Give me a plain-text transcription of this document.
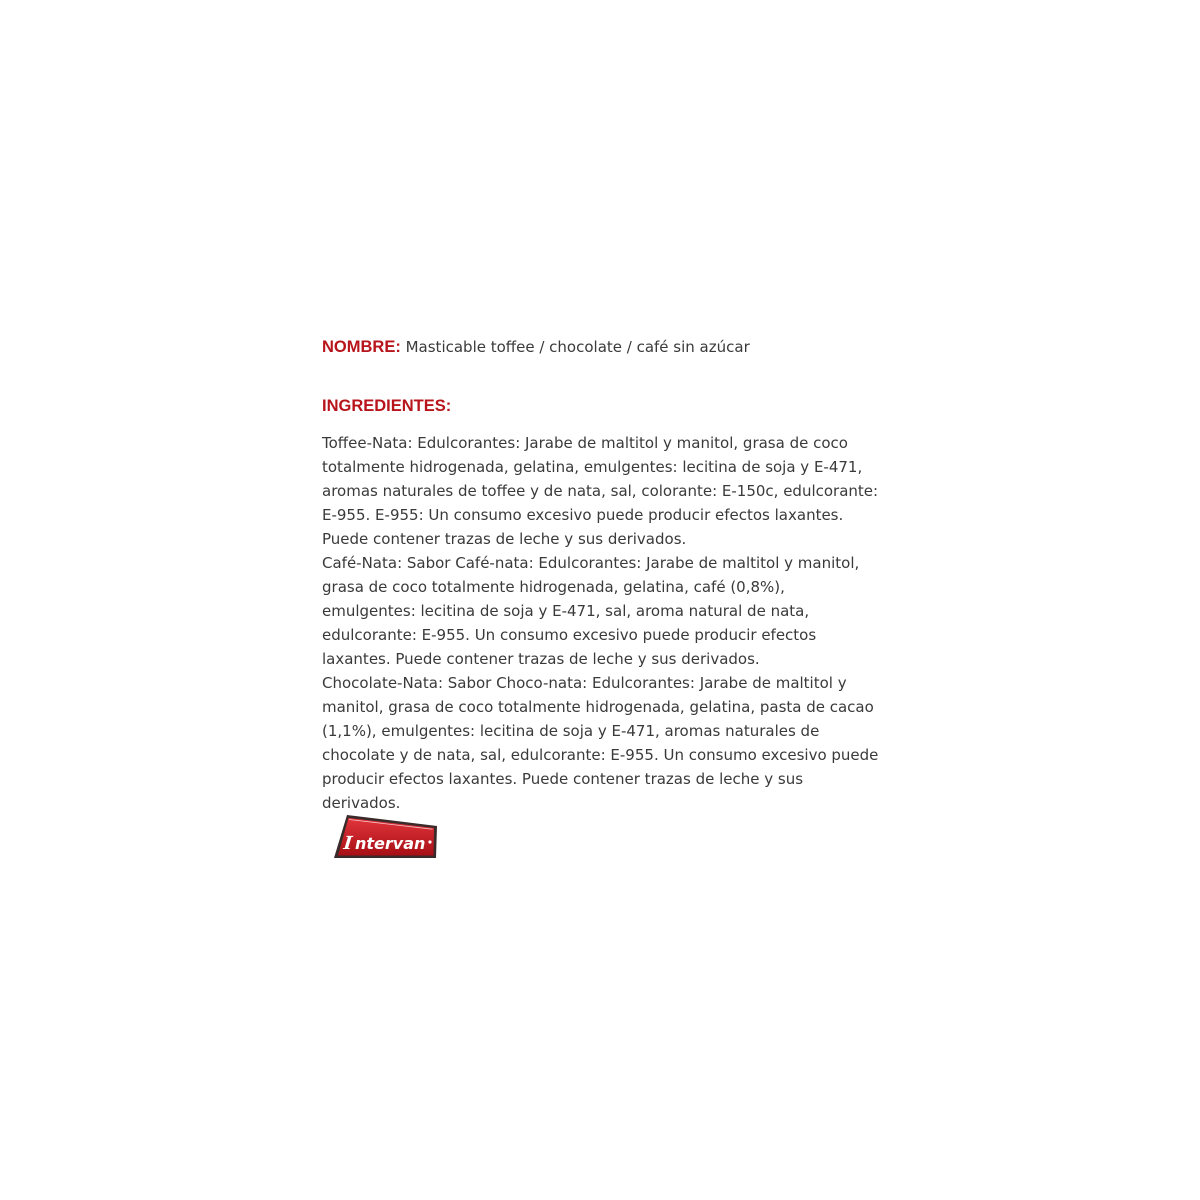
NOMBRE: Masticable toffee / chocolate / café sin azúcar
INGREDIENTES:

Toffee-Nata: Edulcorantes: Jarabe de maltitol y manitol, grasa de coco totalmente hidrogenada, gelatina, emulgentes: lecitina de soja y E-471, aromas naturales de toffee y de nata, sal, colorante: E-150c, edulcorante: E-955. E-955: Un consumo excesivo puede producir efectos laxantes. Puede contener trazas de leche y sus derivados.

Café-Nata: Sabor Café-nata: Edulcorantes: Jarabe de maltitol y manitol, grasa de coco totalmente hidrogenada, gelatina, café (0,8%), emulgentes: lecitina de soja y E-471, sal, aroma natural de nata, edulcorante: E-955. Un consumo excesivo puede producir efectos laxantes. Puede contener trazas de leche y sus derivados.

Chocolate-Nata: Sabor Choco-nata: Edulcorantes: Jarabe de maltitol y manitol, grasa de coco totalmente hidrogenada, gelatina, pasta de cacao (1,1%), emulgentes: lecitina de soja y E-471, aromas naturales de chocolate y de nata, sal, edulcorante: E-955. Un consumo excesivo puede producir efectos laxantes. Puede contener trazas de leche y sus derivados.

I ntervan
